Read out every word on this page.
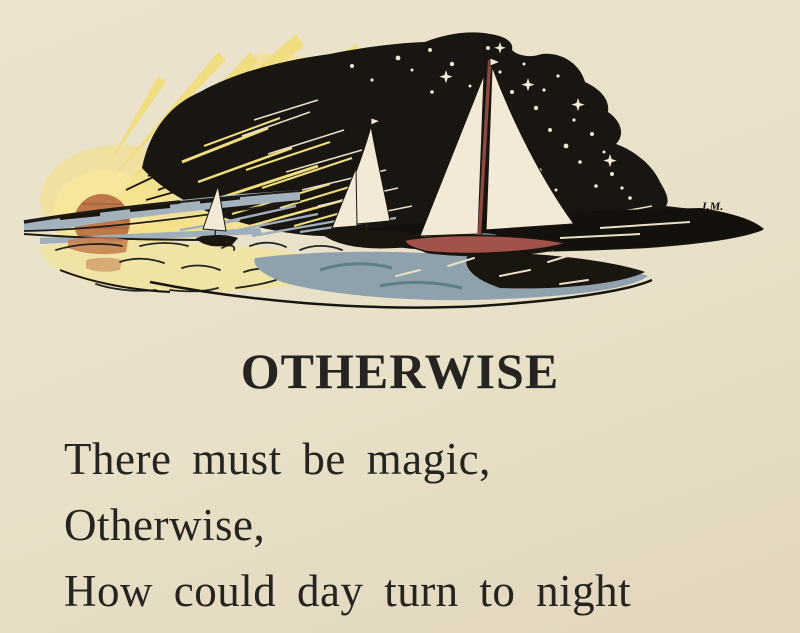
J.M.
OTHERWISE

There must be magic,

Otherwise,

How could day turn to night
